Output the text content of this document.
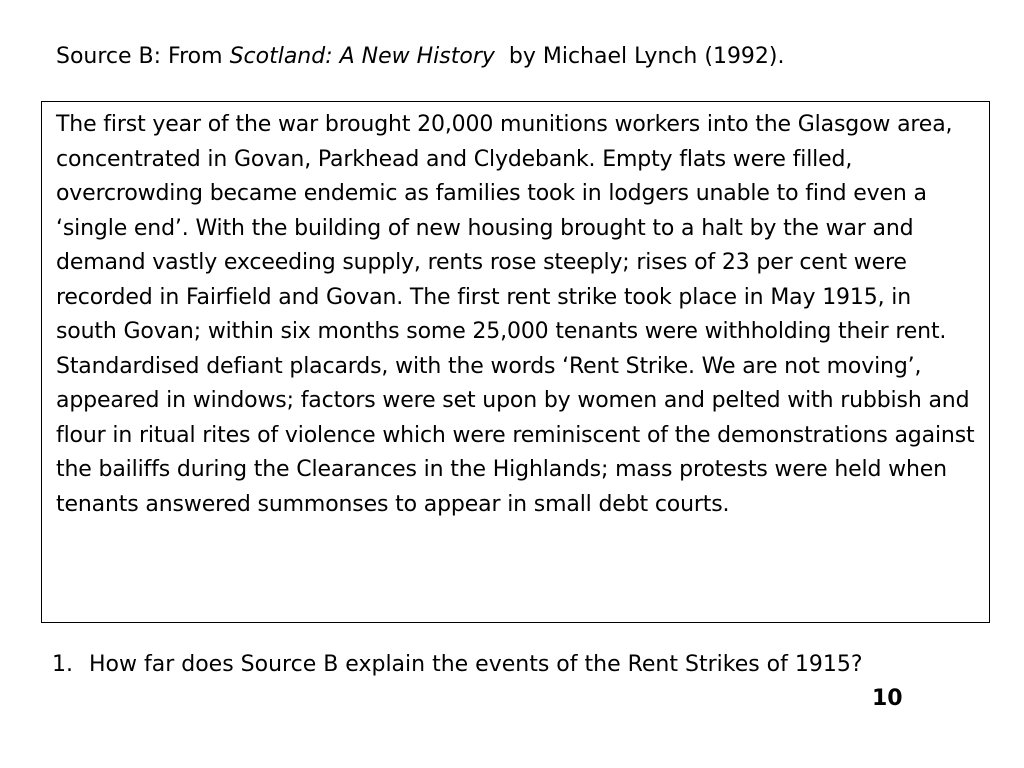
Source B: From Scotland: A New History  by Michael Lynch (1992).

The first year of the war brought 20,000 munitions workers into the Glasgow area, concentrated in Govan, Parkhead and Clydebank. Empty flats were filled, overcrowding became endemic as families took in lodgers unable to find even a ‘single end’. With the building of new housing brought to a halt by the war and demand vastly exceeding supply, rents rose steeply; rises of 23 per cent were recorded in Fairfield and Govan. The first rent strike took place in May 1915, in south Govan; within six months some 25,000 tenants were withholding their rent. Standardised defiant placards, with the words ‘Rent Strike. We are not moving’, appeared in windows; factors were set upon by women and pelted with rubbish and flour in ritual rites of violence which were reminiscent of the demonstrations against the bailiffs during the Clearances in the Highlands; mass protests were held when tenants answered summonses to appear in small debt courts.

1. How far does Source B explain the events of the Rent Strikes of 1915?
10
